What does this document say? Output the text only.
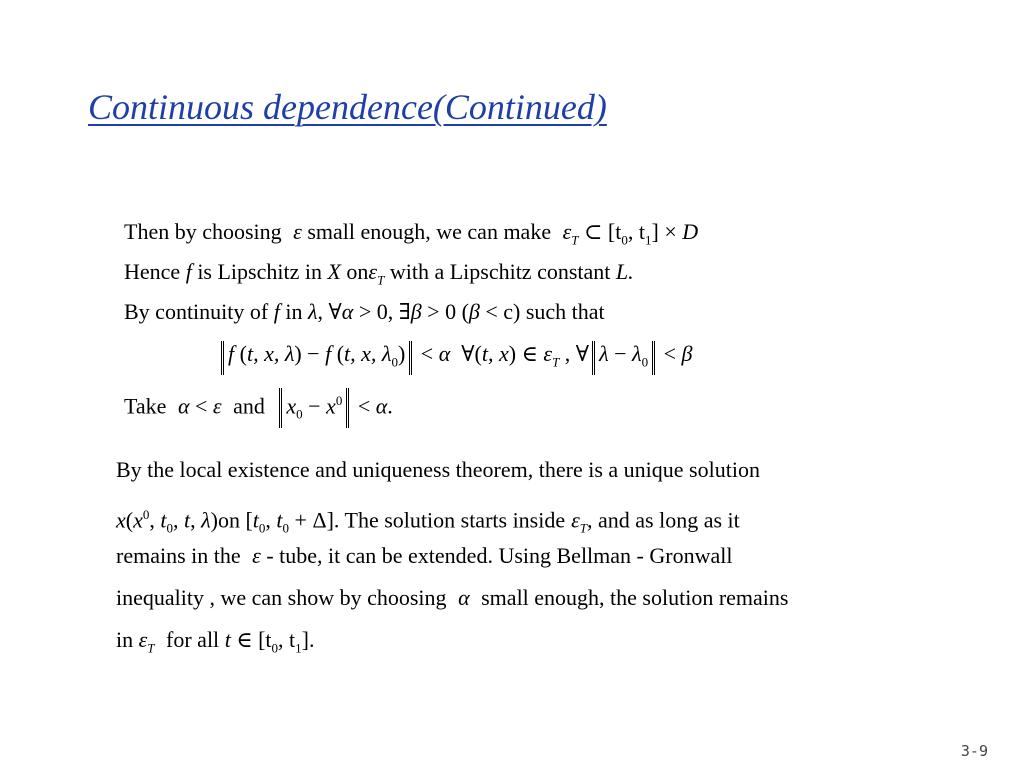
Continuous dependence(Continued)
Then by choosing ε small enough, we can make $\varepsilon_T$ ⊂ [$t_0$, $t_1] \times D$
Hence f is Lipschitz in X onε$_T$ with a Lipschitz constant L.
By continuity of f in λ, ∀α > 0, ∃β > 0 (β < c) such that
f (t, x, λ) − f (t, x, $\lambda_0) < \alpha$  ∀(t, x) ∈ $\varepsilon_T$ , ∀ $\lambda - \lambda_0 < \beta$
Take α < ε and $x_0 - x^0 < \alpha$.
By the local existence and uniqueness theorem, there is a unique solution
$x(x^0$, $t_0$, t, λ)on [$t_0$, $t_0 + \Delta$]. The solution starts inside $\varepsilon_T$, and as long as it
remains in the ε - tube, it can be extended. Using Bellman - Gronwall
inequality , we can show by choosing α small enough, the solution remains
in $\varepsilon_T$ for all t ∈ [$t_0$, $t_1$].
3-9
